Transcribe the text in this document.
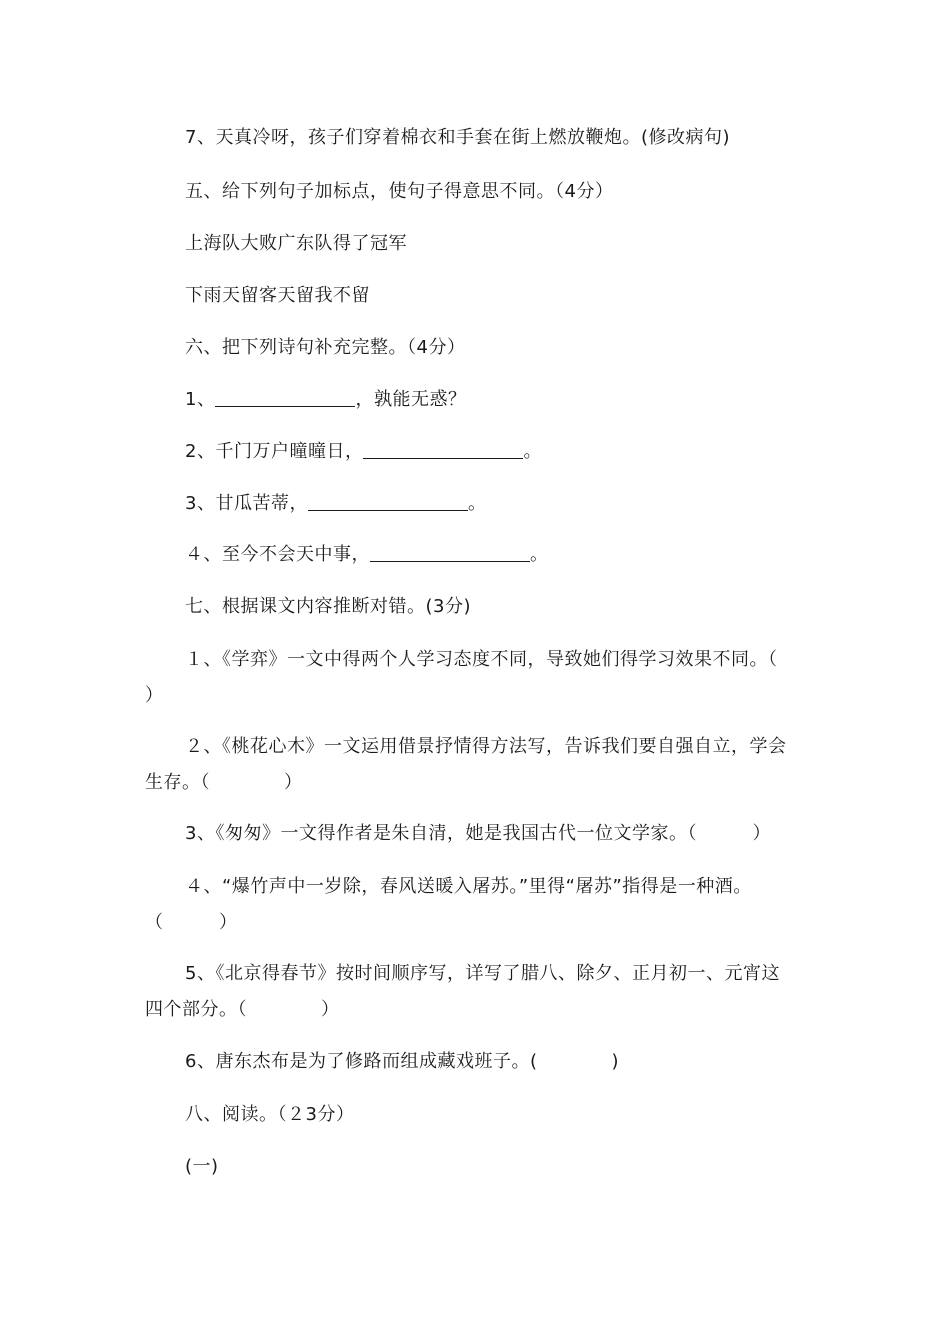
7、天真冷呀，孩子们穿着棉衣和手套在街上燃放鞭炮。(修改病句)
五、给下列句子加标点，使句子得意思不同。（4分）
上海队大败广东队得了冠军
下雨天留客天留我不留
六、把下列诗句补充完整。（4分）
1、	，孰能无惑？
2、千门万户曈曈日，	。
3、甘瓜苦蒂，	。
４、至今不会天中事，	。
七、根据课文内容推断对错。(3分)
１、《学弈》一文中得两个人学习态度不同，导致她们得学习效果不同。（
）
２、《桃花心木》一文运用借景抒情得方法写，告诉我们要自强自立，学会
生存。（　　　　）
3、《匆匆》一文得作者是朱自清，她是我国古代一位文学家。（　　　）
４、“爆竹声中一岁除，春风送暖入屠苏。”里得“屠苏”指得是一种酒。
（　　　）
5、《北京得春节》按时间顺序写，详写了腊八、除夕、正月初一、元宵这
四个部分。（　　　　）
6、唐东杰布是为了修路而组成藏戏班子。(　　　　)
八、阅读。（２3分）
(一)
